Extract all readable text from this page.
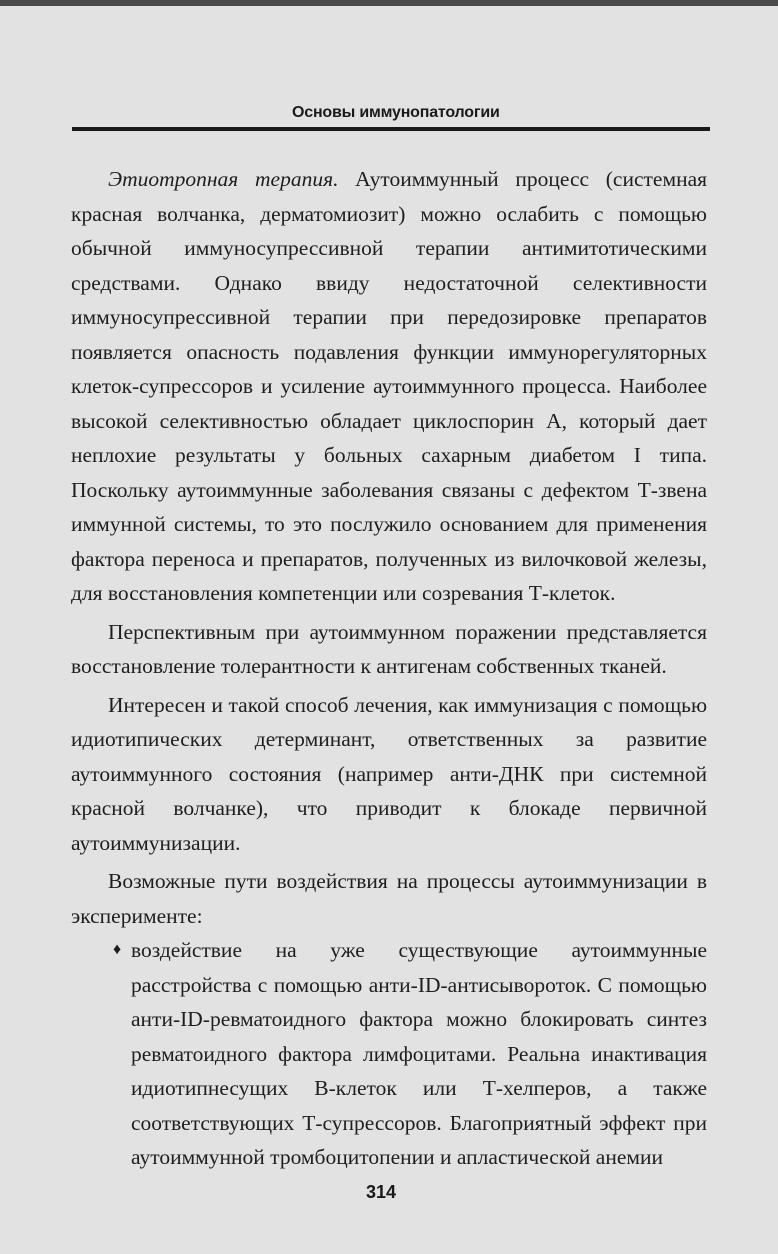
Основы иммунопатологии

Этиотропная терапия. Аутоиммунный процесс (системная красная волчанка, дерматомиозит) можно ослабить с помощью обычной иммуносупрессивной терапии антимитотическими средствами. Однако ввиду недостаточной селективности иммуносупрессивной терапии при передозировке препаратов появляется опасность подавления функции иммунорегуляторных клеток-супрессоров и усиление аутоиммунного процесса. Наиболее высокой селективностью обладает циклоспорин А, который дает неплохие результаты у больных сахарным диабетом I типа. Поскольку аутоиммунные заболевания связаны с дефектом Т-звена иммунной системы, то это послужило основанием для применения фактора переноса и препаратов, полученных из вилочковой железы, для восстановления компетенции или созревания Т-клеток.

Перспективным при аутоиммунном поражении представляется восстановление толерантности к антигенам собственных тканей.

Интересен и такой способ лечения, как иммунизация с помощью идиотипических детерминант, ответственных за развитие аутоиммунного состояния (например анти-ДНК при системной красной волчанке), что приводит к блокаде первичной аутоиммунизации.

Возможные пути воздействия на процессы аутоиммунизации в эксперименте:

♦ воздействие на уже существующие аутоиммунные расстройства с помощью анти-ID-антисывороток. С помощью анти-ID-ревматоидного фактора можно блокировать синтез ревматоидного фактора лимфоцитами. Реальна инактивация идиотипнесущих В-клеток или Т-хелперов, а также соответствующих Т-супрессоров. Благоприятный эффект при аутоиммунной тромбоцитопении и апластической анемии

314
